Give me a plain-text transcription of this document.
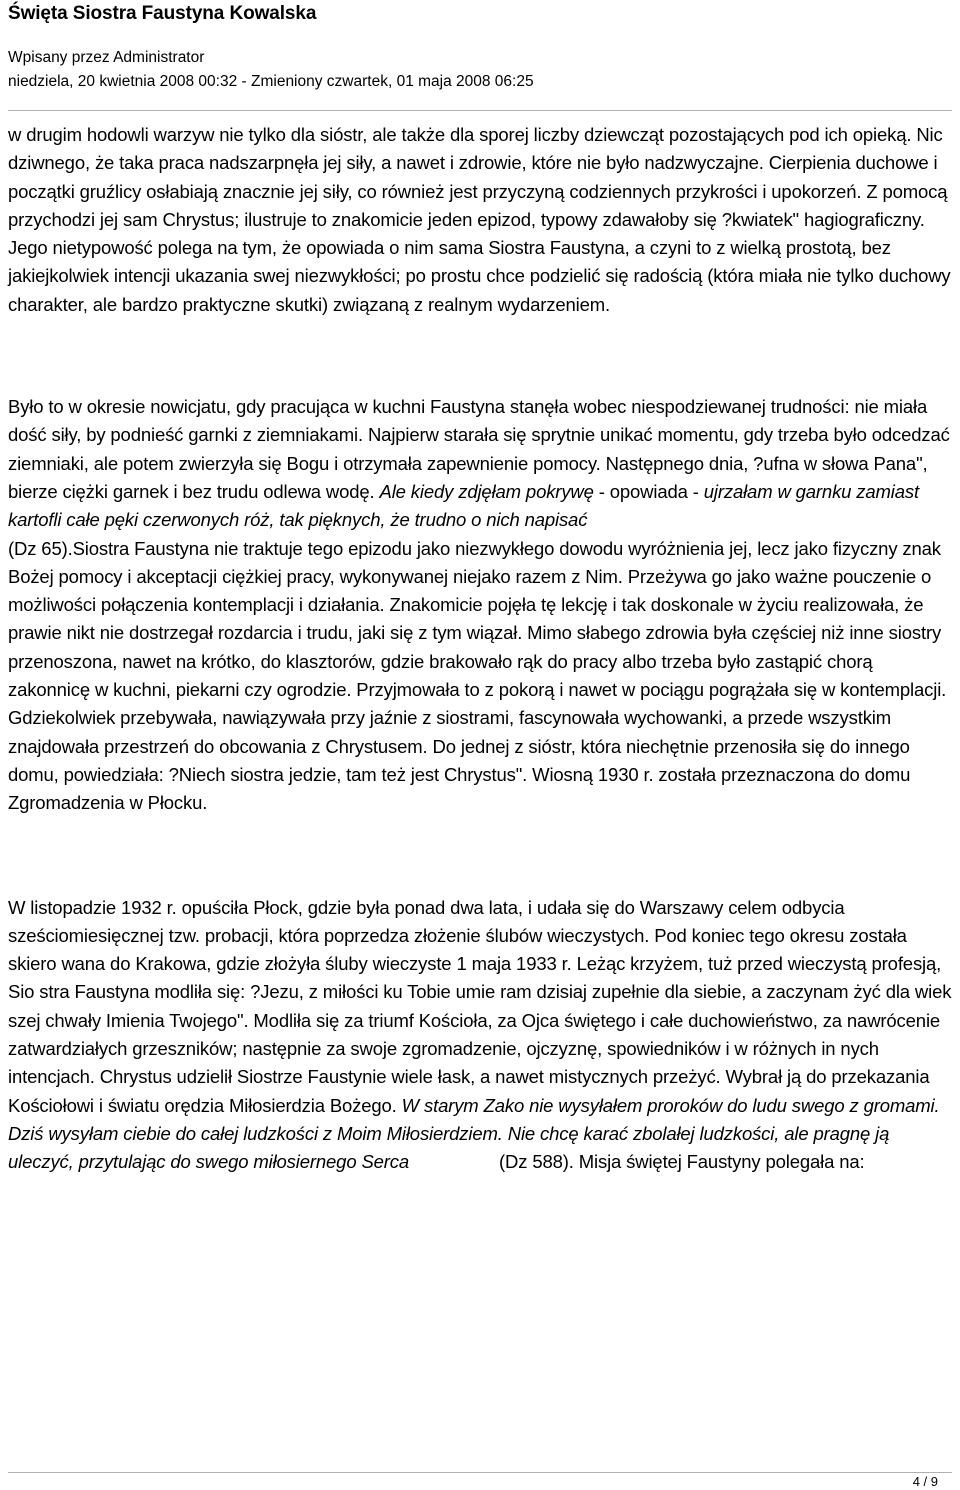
Święta Siostra Faustyna Kowalska
Wpisany przez Administrator
niedziela, 20 kwietnia 2008 00:32 - Zmieniony czwartek, 01 maja 2008 06:25

w drugim hodowli warzyw nie tylko dla sióstr, ale także dla sporej liczby dziewcząt pozostających pod ich opieką. Nic dziwnego, że taka praca nadszarpnęła jej siły, a nawet i zdrowie, które nie było nadzwyczajne. Cierpienia duchowe i początki gruźlicy osłabiają znacznie jej siły, co również jest przyczyną codziennych przykrości i upokorzeń. Z pomocą przychodzi jej sam Chrystus; ilustruje to znakomicie jeden epizod, typowy zdawałoby się ?kwiatek" hagiograficzny. Jego nietypowość polega na tym, że opowiada o nim sama Siostra Faustyna, a czyni to z wielką prostotą, bez jakiejkolwiek intencji ukazania swej niezwykłości; po prostu chce podzielić się radością (która miała nie tylko duchowy charakter, ale bardzo praktyczne skutki) związaną z realnym wydarzeniem.

Było to w okresie nowicjatu, gdy pracująca w kuchni Faustyna stanęła wobec niespodziewanej trudności: nie miała dość siły, by podnieść garnki z ziemniakami. Najpierw starała się sprytnie unikać momentu, gdy trzeba było odcedzać ziemniaki, ale potem zwierzyła się Bogu i otrzymała zapewnienie pomocy. Następnego dnia, ?ufna w słowa Pana", bierze ciężki garnek i bez trudu odlewa wodę. Ale kiedy zdjęłam pokrywę - opowiada - ujrzałam w garnku zamiast kartofli całe pęki czerwonych róż, tak pięknych, że trudno o nich napisać
(Dz 65).Siostra Faustyna nie traktuje tego epizodu jako niezwykłego dowodu wyróżnienia jej, lecz jako fizyczny znak Bożej pomocy i akceptacji ciężkiej pracy, wykonywanej niejako razem z Nim. Przeżywa go jako ważne pouczenie o możliwości połączenia kontemplacji i działania. Znakomicie pojęła tę lekcję i tak doskonale w życiu realizowała, że prawie nikt nie dostrzegał rozdarcia i trudu, jaki się z tym wiązał. Mimo słabego zdrowia była częściej niż inne siostry przenoszona, nawet na krótko, do klasztorów, gdzie brakowało rąk do pracy albo trzeba było zastąpić chorą zakonnicę w kuchni, piekarni czy ogrodzie. Przyjmowała to z pokorą i nawet w pociągu pogrążała się w kontemplacji. Gdziekolwiek przebywała, nawiązywała przy jaźnie z siostrami, fascynowała wychowanki, a przede wszystkim znajdowała przestrzeń do obcowania z Chrystusem. Do jednej z sióstr, która niechętnie przenosiła się do innego domu, powiedziała: ?Niech siostra jedzie, tam też jest Chrystus". Wiosną 1930 r. została przeznaczona do domu Zgromadzenia w Płocku.

W listopadzie 1932 r. opuściła Płock, gdzie była ponad dwa lata, i udała się do Warszawy celem odbycia sześciomiesięcznej tzw. probacji, która poprzedza złożenie ślubów wieczystych. Pod koniec tego okresu została skiero wana do Krakowa, gdzie złożyła śluby wieczyste 1 maja 1933 r. Leżąc krzyżem, tuż przed wieczystą profesją, Sio stra Faustyna modliła się: ?Jezu, z miłości ku Tobie umie ram dzisiaj zupełnie dla siebie, a zaczynam żyć dla wiek szej chwały Imienia Twojego". Modliła się za triumf Kościoła, za Ojca świętego i całe duchowieństwo, za nawrócenie zatwardziałych grzeszników; następnie za swoje zgromadzenie, ojczyznę, spowiedników i w różnych in nych intencjach. Chrystus udzielił Siostrze Faustynie wiele łask, a nawet mistycznych przeżyć. Wybrał ją do przekazania Kościołowi i światu orędzia Miłosierdzia Bożego. W starym Zako nie wysyłałem proroków do ludu swego z gromami. Dziś wysyłam ciebie do całej ludzkości z Moim Miłosierdziem. Nie chcę karać zbolałej ludzkości, ale pragnę ją uleczyć, przytulając do swego miłosiernego Serca	(Dz 588). Misja świętej Faustyny polegała na:

4 / 9
